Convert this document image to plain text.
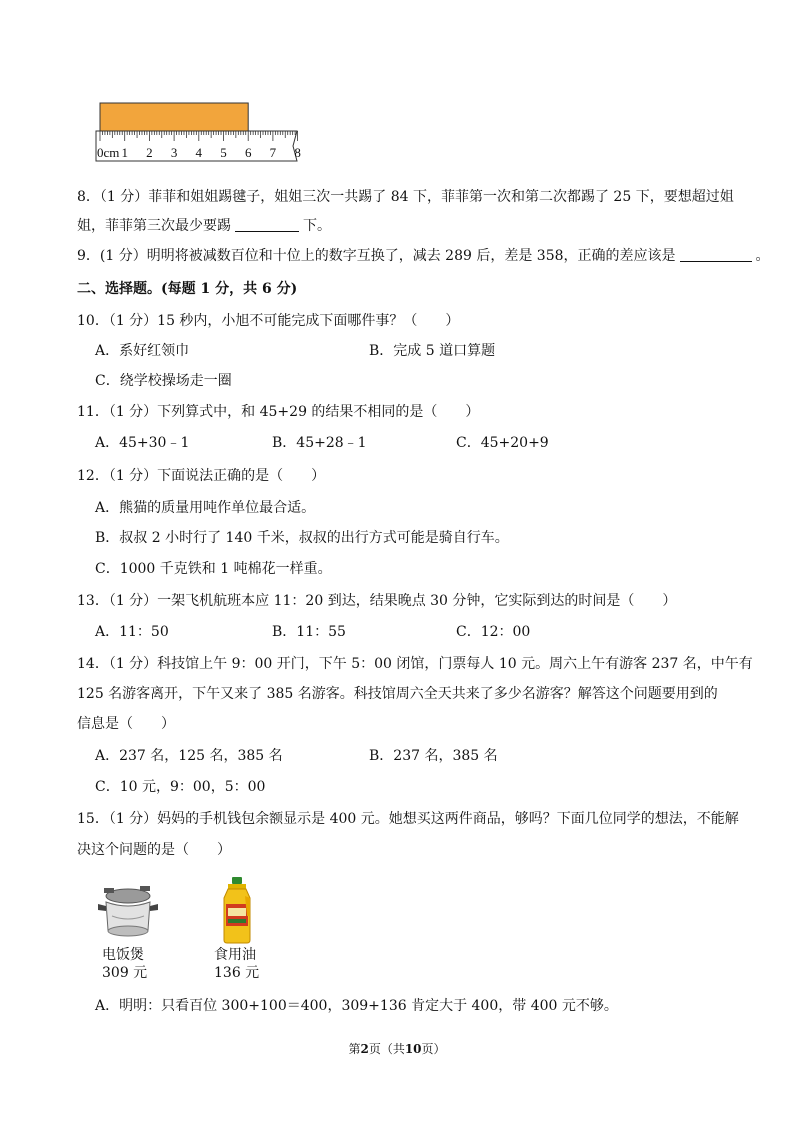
0cm 1 2 3 4 5 6 7 8
8．（1 分）菲菲和姐姐踢毽子，姐姐三次一共踢了 84 下，菲菲第一次和第二次都踢了 25 下，要想超过姐
姐，菲菲第三次最少要踢	下。
9．(1 分）明明将被减数百位和十位上的数字互换了，减去 289 后，差是 358，正确的差应该是	。
二、选择题。(每题 1 分，共 6 分)
10．（1 分）15 秒内，小旭不可能完成下面哪件事？（　　）
A．系好红领巾	B．完成 5 道口算题
C．绕学校操场走一圈
11．（1 分）下列算式中，和 45+29 的结果不相同的是（　　）
A．45+30﹣1	B．45+28﹣1	C．45+20+9
12．（1 分）下面说法正确的是（　　）
A．熊猫的质量用吨作单位最合适。
B．叔叔 2 小时行了 140 千米，叔叔的出行方式可能是骑自行车。
C．1000 千克铁和 1 吨棉花一样重。
13．（1 分）一架飞机航班本应 11：20 到达，结果晚点 30 分钟，它实际到达的时间是（　　）
A．11：50	B．11：55	C．12：00
14．（1 分）科技馆上午 9：00 开门，下午 5：00 闭馆，门票每人 10 元。周六上午有游客 237 名，中午有
125 名游客离开，下午又来了 385 名游客。科技馆周六全天共来了多少名游客？解答这个问题要用到的
信息是（　　）
A．237 名，125 名，385 名	B．237 名，385 名
C．10 元，9：00，5：00
15．（1 分）妈妈的手机钱包余额显示是 400 元。她想买这两件商品，够吗？下面几位同学的想法，不能解
决这个问题的是（　　）
电饭煲
309 元
食用油
136 元
A．明明：只看百位 300+100＝400，309+136 肯定大于 400，带 400 元不够。
第2页（共10页）
